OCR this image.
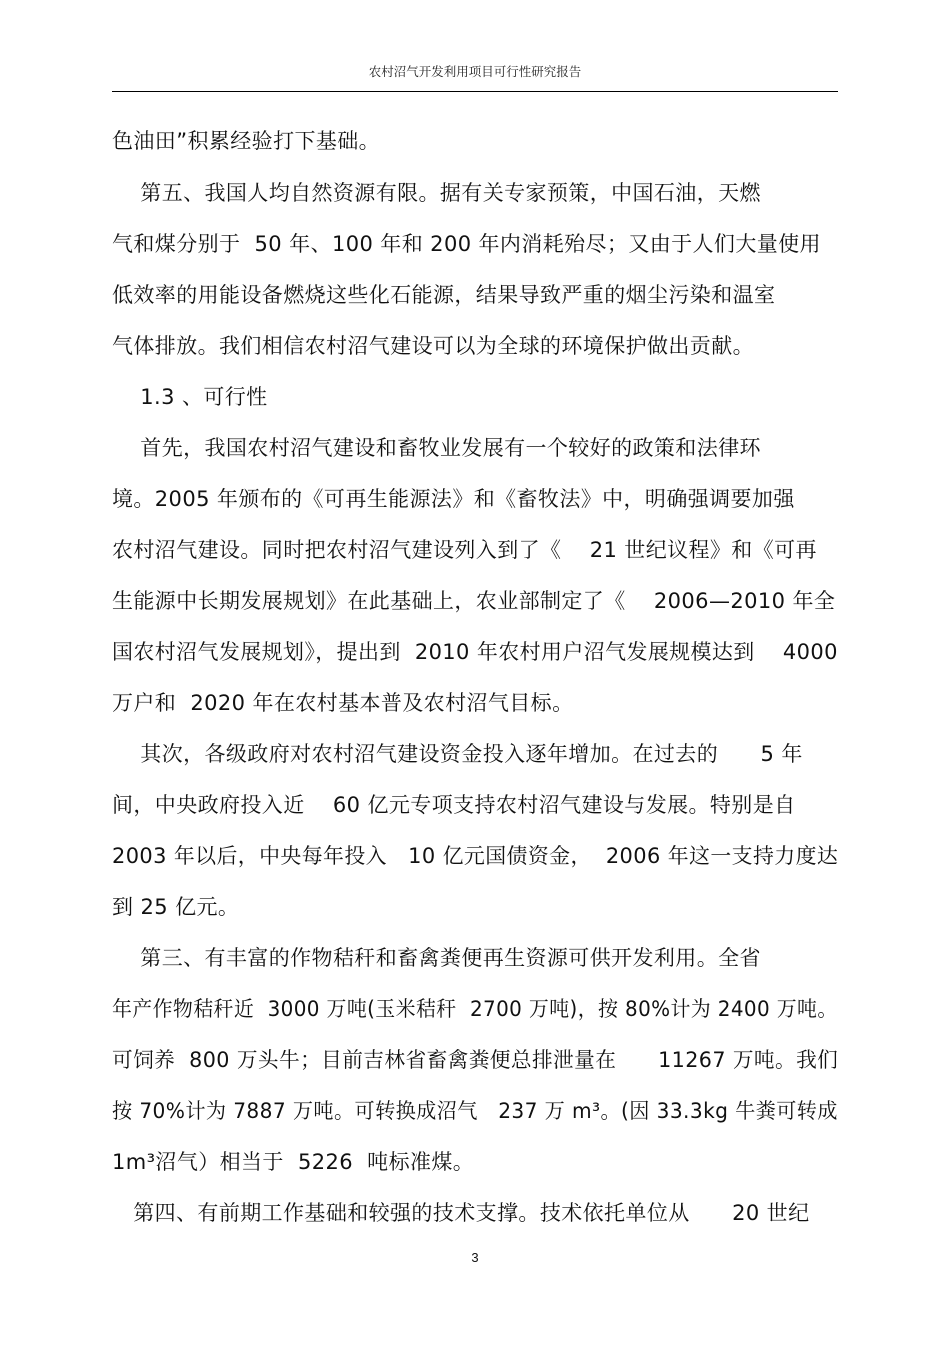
农村沼气开发利用项目可行性研究报告
色油田”积累经验打下基础。
第五、我国人均自然资源有限。据有关专家预策，中国石油，天燃
气和煤分别于  50 年、100 年和 200 年内消耗殆尽；又由于人们大量使用
低效率的用能设备燃烧这些化石能源，结果导致严重的烟尘污染和温室
气体排放。我们相信农村沼气建设可以为全球的环境保护做出贡献。
1.3 、可行性
首先，我国农村沼气建设和畜牧业发展有一个较好的政策和法律环
境。2005 年颁布的《可再生能源法》和《畜牧法》中，明确强调要加强
农村沼气建设。同时把农村沼气建设列入到了《    21 世纪议程》和《可再
生能源中长期发展规划》在此基础上，农业部制定了《    2006—2010 年全
国农村沼气发展规划》，提出到  2010 年农村用户沼气发展规模达到    4000
万户和  2020 年在农村基本普及农村沼气目标。
其次，各级政府对农村沼气建设资金投入逐年增加。在过去的      5 年
间，中央政府投入近    60 亿元专项支持农村沼气建设与发展。特别是自
2003 年以后，中央每年投入   10 亿元国债资金，  2006 年这一支持力度达
到 25 亿元。
第三、有丰富的作物秸秆和畜禽粪便再生资源可供开发利用。全省
年产作物秸秆近  3000 万吨(玉米秸秆  2700 万吨)，按 80%计为 2400 万吨。
可饲养  800 万头牛；目前吉林省畜禽粪便总排泄量在      11267 万吨。我们
按 70%计为 7887 万吨。可转换成沼气   237 万 m³。(因 33.3kg 牛粪可转成
1m³沼气）相当于  5226  吨标准煤。
第四、有前期工作基础和较强的技术支撑。技术依托单位从      20 世纪
3
